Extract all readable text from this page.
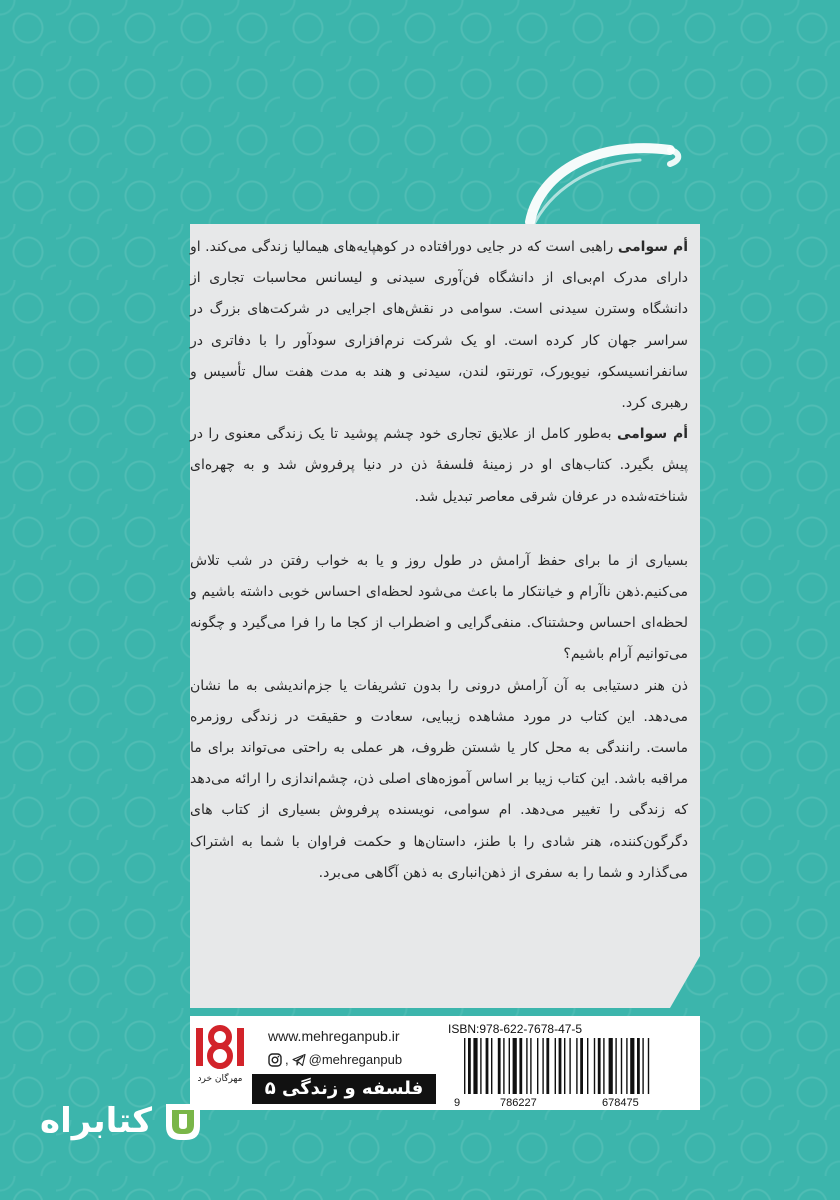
أم سوامی راهبی است که در جایی دورافتاده در کوهپایه‌های هیمالیا زندگی می‌کند. او دارای مدرک ام‌بی‌ای از دانشگاه فن‌آوری سیدنی و لیسانس محاسبات تجاری از دانشگاه وسترن سیدنی است. سوامی در نقش‌های اجرایی در شرکت‌های بزرگ در سراسر جهان کار کرده است. او یک شرکت نرم‌افزاری سودآور را با دفاتری در سانفرانسیسکو، نیویورک، تورنتو، لندن، سیدنی و هند به مدت هفت سال تأسیس و رهبری کرد.

أم سوامی به‌طور کامل از علایق تجاری خود چشم پوشید تا یک زندگی معنوی را در پیش بگیرد. کتاب‌های او در زمینهٔ فلسفهٔ ذن در دنیا پرفروش شد و به چهره‌ای شناخته‌شده در عرفان شرقی معاصر تبدیل شد.

بسیاری از ما برای حفظ آرامش در طول روز و یا به خواب رفتن در شب تلاش می‌کنیم.ذهن ناآرام و خیانتکار ما باعث می‌شود لحظه‌ای احساس خوبی داشته باشیم و لحظه‌ای احساس وحشتناک. منفی‌گرایی و اضطراب از کجا ما را فرا می‌گیرد و چگونه می‌توانیم آرام باشیم؟

ذن هنر دستیابی به آن آرامش درونی را بدون تشریفات یا جزم‌اندیشی به ما نشان می‌دهد. این کتاب در مورد مشاهده زیبایی، سعادت و حقیقت در زندگی روزمره ماست. رانندگی به محل کار یا شستن ظروف، هر عملی به راحتی می‌تواند برای ما مراقبه باشد. این کتاب زیبا بر اساس آموزه‌های اصلی ذن، چشم‌اندازی را ارائه می‌دهد که زندگی را تغییر می‌دهد. ام سوامی، نویسنده پرفروش بسیاری از کتاب های دگرگون‌کننده، هنر شادی را با طنز، داستان‌ها و حکمت فراوان با شما به اشتراک می‌گذارد و شما را به سفری از ذهن‌انباری به ذهن آگاهی می‌برد.

مهرگان خرد
www.mehreganpub.ir
, @mehreganpub
فلسفه و زندگی ۵
ISBN:978-622-7678-47-5
9	786227	678475
کتابراه
